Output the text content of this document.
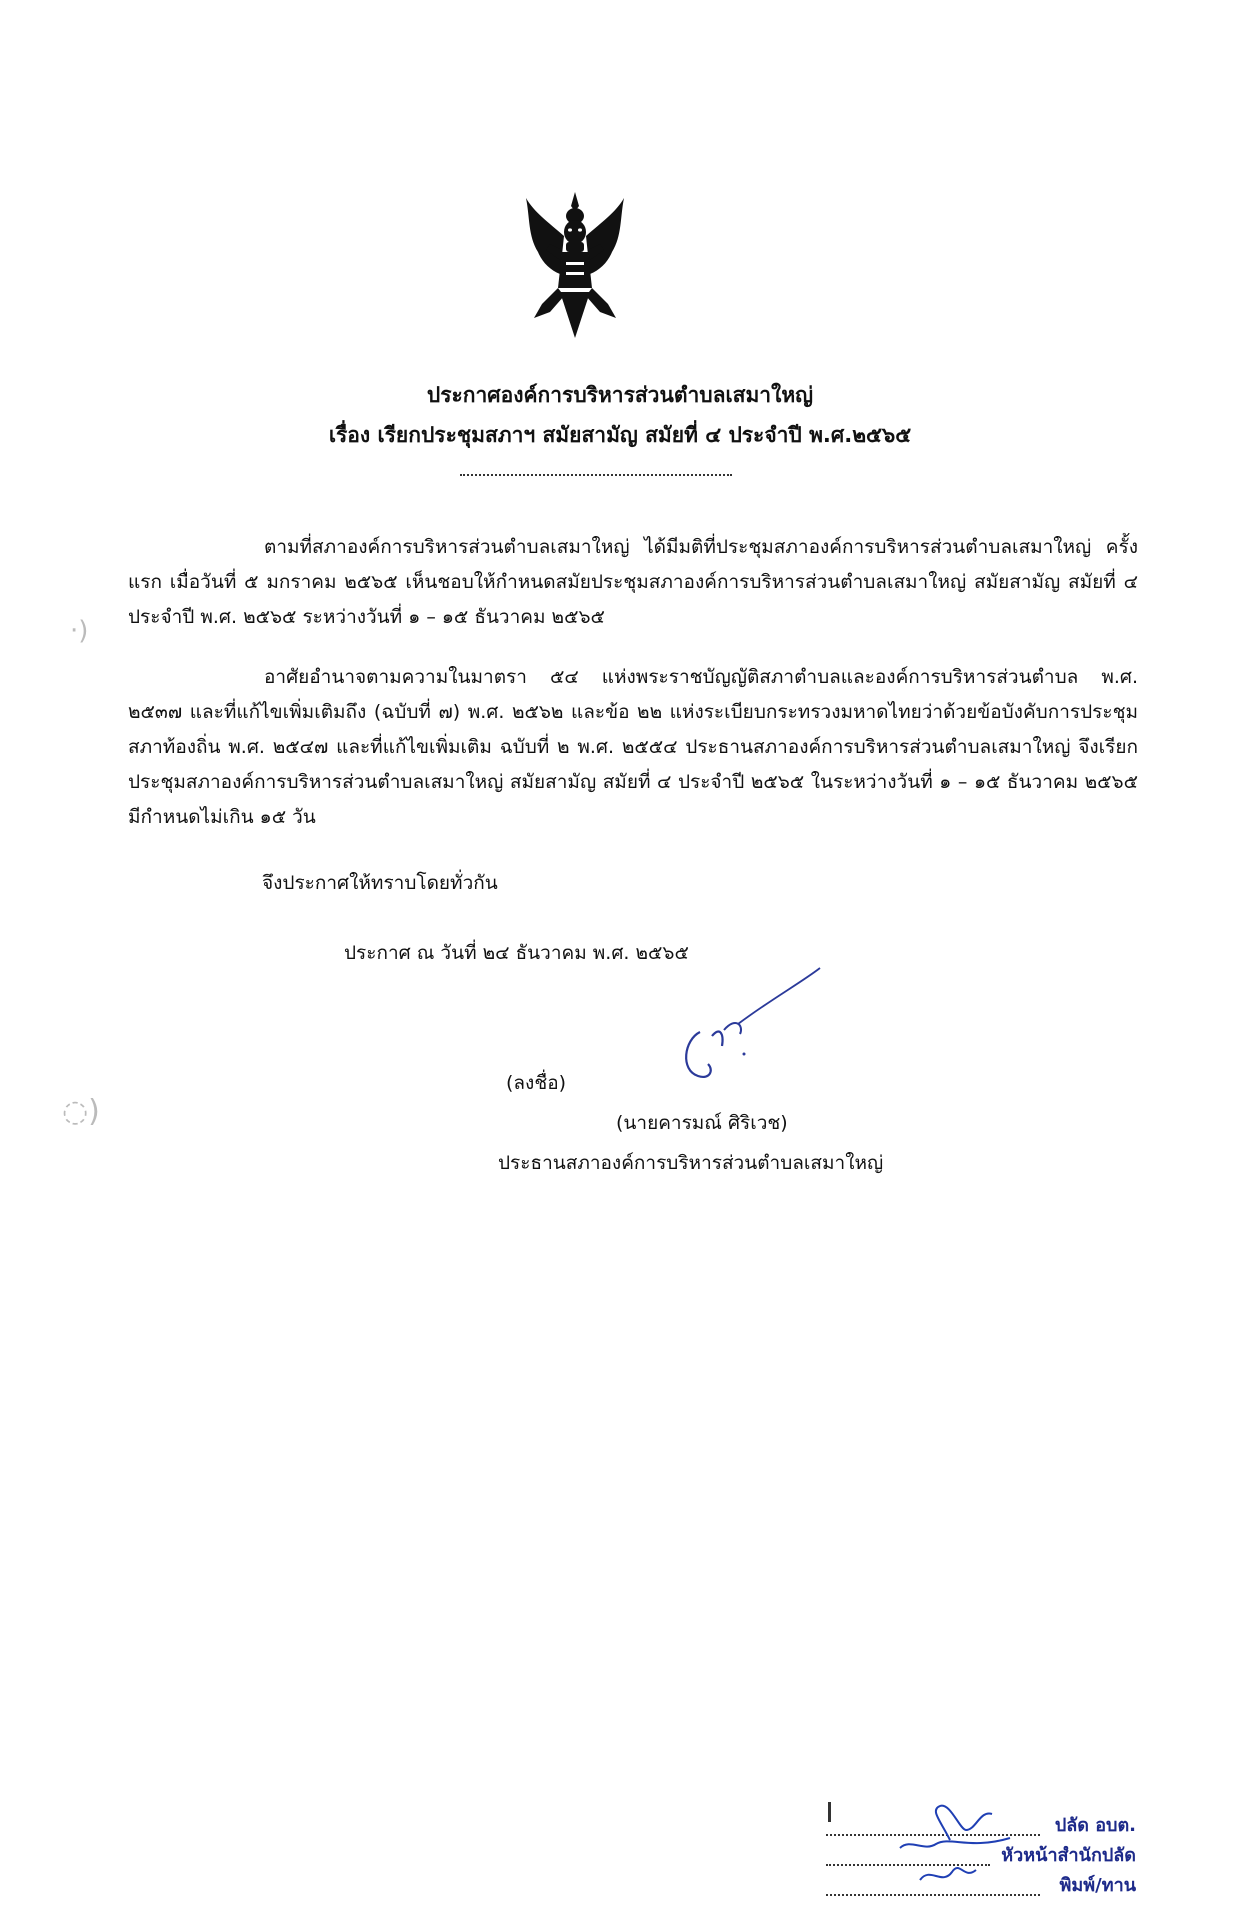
ประกาศองค์การบริหารส่วนตำบลเสมาใหญ่
เรื่อง เรียกประชุมสภาฯ สมัยสามัญ สมัยที่ ๔ ประจำปี พ.ศ.๒๕๖๕
ตามที่สภาองค์การบริหารส่วนตำบลเสมาใหญ่ ได้มีมติที่ประชุมสภาองค์การบริหารส่วนตำบลเสมาใหญ่ ครั้งแรก เมื่อวันที่ ๕ มกราคม ๒๕๖๕ เห็นชอบให้กำหนดสมัยประชุมสภาองค์การบริหารส่วนตำบลเสมาใหญ่ สมัยสามัญ สมัยที่ ๔ ประจำปี พ.ศ. ๒๕๖๕ ระหว่างวันที่ ๑ – ๑๕ ธันวาคม ๒๕๖๕
อาศัยอำนาจตามความในมาตรา ๕๔ แห่งพระราชบัญญัติสภาตำบลและองค์การบริหารส่วนตำบล พ.ศ. ๒๕๓๗ และที่แก้ไขเพิ่มเติมถึง (ฉบับที่ ๗) พ.ศ. ๒๕๖๒ และข้อ ๒๒ แห่งระเบียบกระทรวงมหาดไทยว่าด้วยข้อบังคับการประชุมสภาท้องถิ่น พ.ศ. ๒๕๔๗ และที่แก้ไขเพิ่มเติม ฉบับที่ ๒ พ.ศ. ๒๕๕๔ ประธานสภาองค์การบริหารส่วนตำบลเสมาใหญ่ จึงเรียกประชุมสภาองค์การบริหารส่วนตำบลเสมาใหญ่ สมัยสามัญ สมัยที่ ๔ ประจำปี ๒๕๖๕ ในระหว่างวันที่ ๑ – ๑๕ ธันวาคม ๒๕๖๕ มีกำหนดไม่เกิน ๑๕ วัน
จึงประกาศให้ทราบโดยทั่วกัน
ประกาศ ณ วันที่ ๒๔ ธันวาคม พ.ศ. ๒๕๖๕
(ลงชื่อ)
(นายคารมณ์ ศิริเวช)
ประธานสภาองค์การบริหารส่วนตำบลเสมาใหญ่
·)
◌)
ปลัด อบต.
หัวหน้าสำนักปลัด
พิมพ์/ทาน
